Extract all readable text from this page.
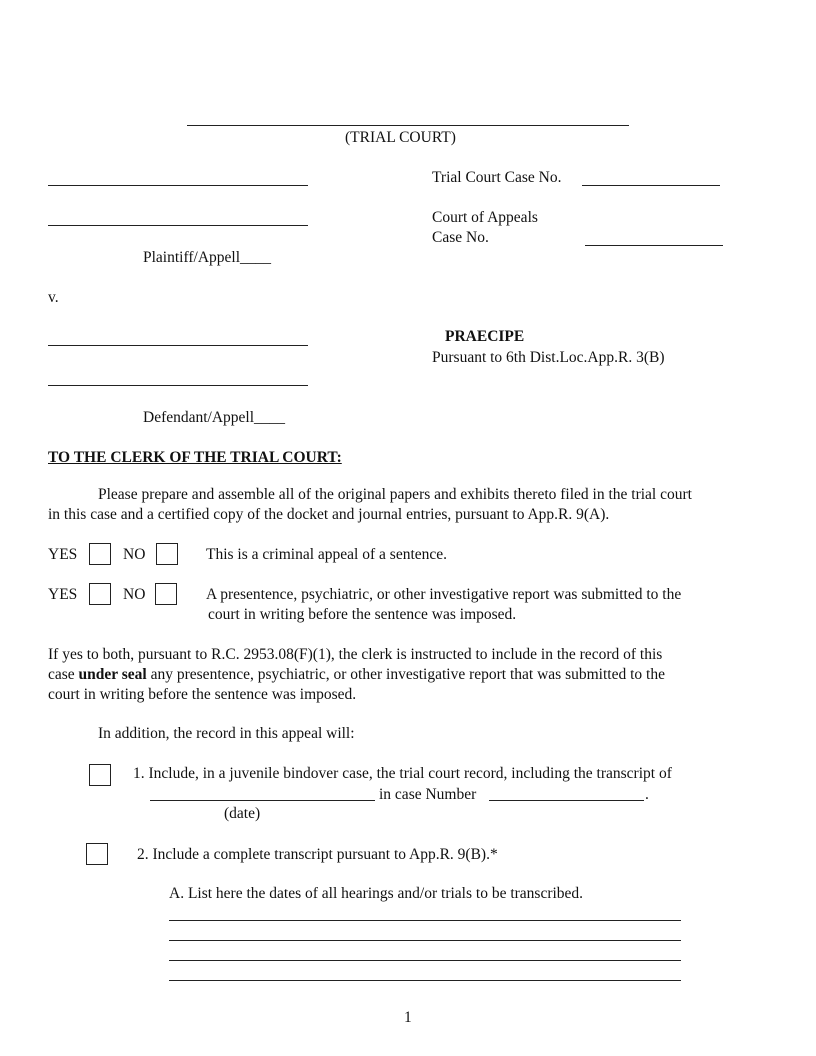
(TRIAL COURT)
Plaintiff/Appell____
Trial Court Case No.
Court of Appeals
Case No.
v.
PRAECIPE
Pursuant to 6th Dist.Loc.App.R. 3(B)
Defendant/Appell____
TO THE CLERK OF THE TRIAL COURT:
Please prepare and assemble all of the original papers and exhibits thereto filed in the trial court
in this case and a certified copy of the docket and journal entries, pursuant to App.R. 9(A).
YES	NO	This is a criminal appeal of a sentence.
YES	NO	A presentence, psychiatric, or other investigative report was submitted to the
court in writing before the sentence was imposed.
If yes to both, pursuant to R.C. 2953.08(F)(1), the clerk is instructed to include in the record of this
case under seal any presentence, psychiatric, or other investigative report that was submitted to the
court in writing before the sentence was imposed.
In addition, the record in this appeal will:
1. Include, in a juvenile bindover case, the trial court record, including the transcript of
in case Number	.
(date)
2. Include a complete transcript pursuant to App.R. 9(B).*
A. List here the dates of all hearings and/or trials to be transcribed.
1
